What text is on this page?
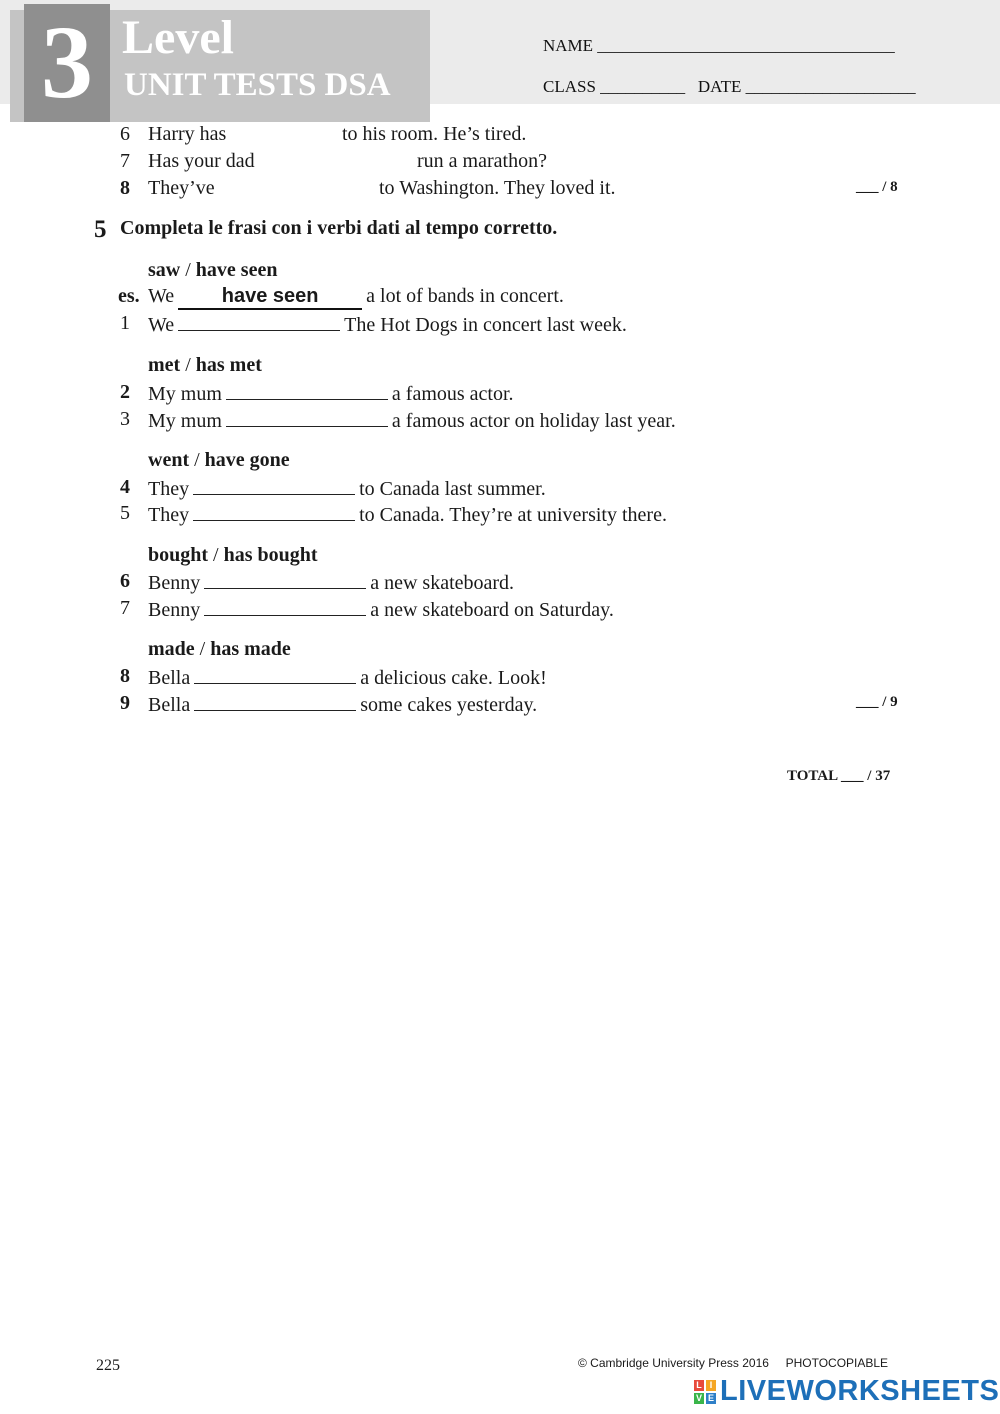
3 Level
UNIT TESTS DSA
NAME ___________________________________
CLASS __________   DATE ____________________
6 Harry has	to his room. He’s tired.
7 Has your dad	run a marathon?
8 They’ve	to Washington. They loved it.	___ / 8
5 Completa le frasi con i verbi dati al tempo corretto.
saw / have seen
es. We have seen a lot of bands in concert.
1 We	The Hot Dogs in concert last week.
met / has met
2 My mum	a famous actor.
3 My mum	a famous actor on holiday last year.
went / have gone
4 They	to Canada last summer.
5 They	to Canada. They’re at university there.
bought / has bought
6 Benny	a new skateboard.
7 Benny	a new skateboard on Saturday.
made / has made
8 Bella	a delicious cake. Look!
9 Bella	some cakes yesterday.	___ / 9
TOTAL ___ / 37
225	© Cambridge University Press 2016     PHOTOCOPIABLE
L I
V E LIVEWORKSHEETS
